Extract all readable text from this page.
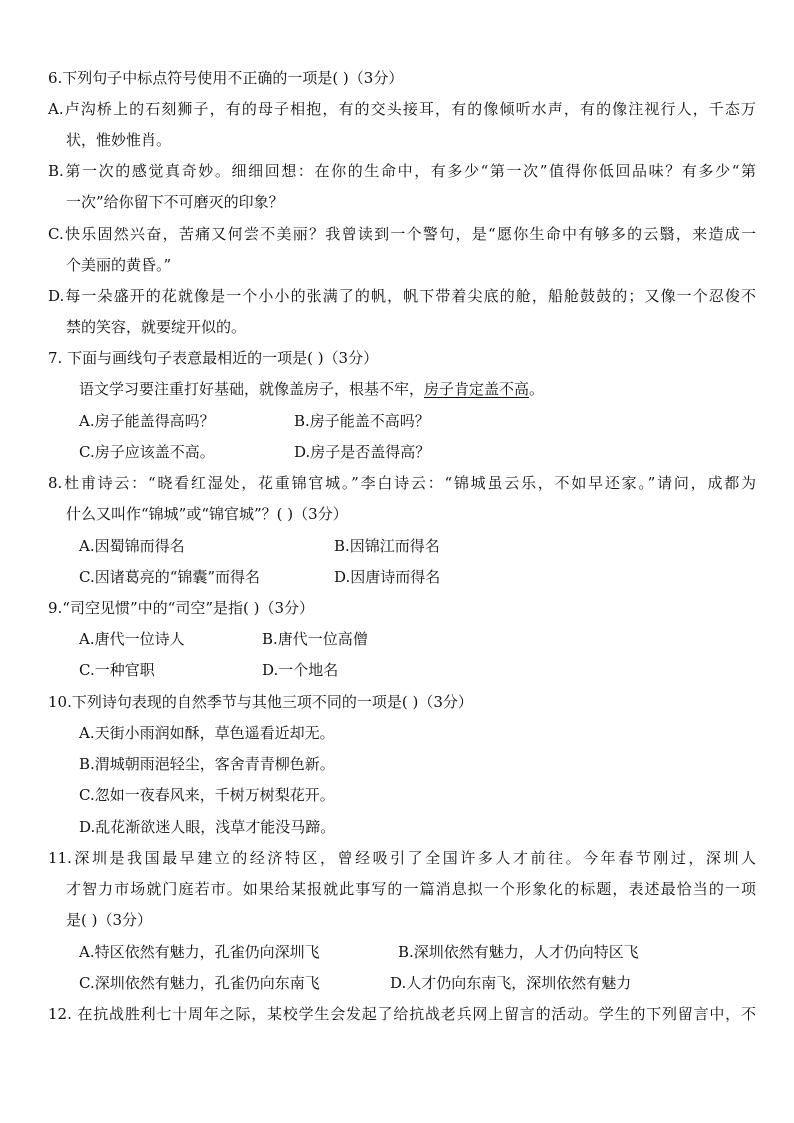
6.下列句子中标点符号使用不正确的一项是( )（3分）
A.卢沟桥上的石刻狮子，有的母子相抱，有的交头接耳，有的像倾听水声，有的像注视行人，千态万
状，惟妙惟肖。
B.第一次的感觉真奇妙。细细回想：在你的生命中，有多少“第一次”值得你低回品味？有多少“第
一次”给你留下不可磨灭的印象？
C.快乐固然兴奋，苦痛又何尝不美丽？我曾读到一个警句，是“愿你生命中有够多的云翳，来造成一
个美丽的黄昏。”
D.每一朵盛开的花就像是一个小小的张满了的帆，帆下带着尖底的舱，船舱鼓鼓的；又像一个忍俊不
禁的笑容，就要绽开似的。
7. 下面与画线句子表意最相近的一项是( )（3分）
语文学习要注重打好基础，就像盖房子，根基不牢，房子肯定盖不高。
A.房子能盖得高吗？	B.房子能盖不高吗？
C.房子应该盖不高。	D.房子是否盖得高？
8.杜甫诗云：“晓看红湿处，花重锦官城。”李白诗云：“锦城虽云乐，不如早还家。”请问，成都为
什么又叫作“锦城”或“锦官城”？( )（3分）
A.因蜀锦而得名	B.因锦江而得名
C.因诸葛亮的“锦囊”而得名	D.因唐诗而得名
9.“司空见惯”中的“司空”是指( )（3分）
A.唐代一位诗人	B.唐代一位高僧
C.一种官职	D.一个地名
10.下列诗句表现的自然季节与其他三项不同的一项是( )（3分）
A.天街小雨润如酥，草色遥看近却无。
B.渭城朝雨浥轻尘，客舍青青柳色新。
C.忽如一夜春风来，千树万树梨花开。
D.乱花渐欲迷人眼，浅草才能没马蹄。
11.深圳是我国最早建立的经济特区，曾经吸引了全国许多人才前往。今年春节刚过，深圳人
才智力市场就门庭若市。如果给某报就此事写的一篇消息拟一个形象化的标题，表述最恰当的一项
是( )（3分）
A.特区依然有魅力，孔雀仍向深圳飞	B.深圳依然有魅力，人才仍向特区飞
C.深圳依然有魅力，孔雀仍向东南飞	D.人才仍向东南飞，深圳依然有魅力
12. 在抗战胜利七十周年之际，某校学生会发起了给抗战老兵网上留言的活动。学生的下列留言中，不
